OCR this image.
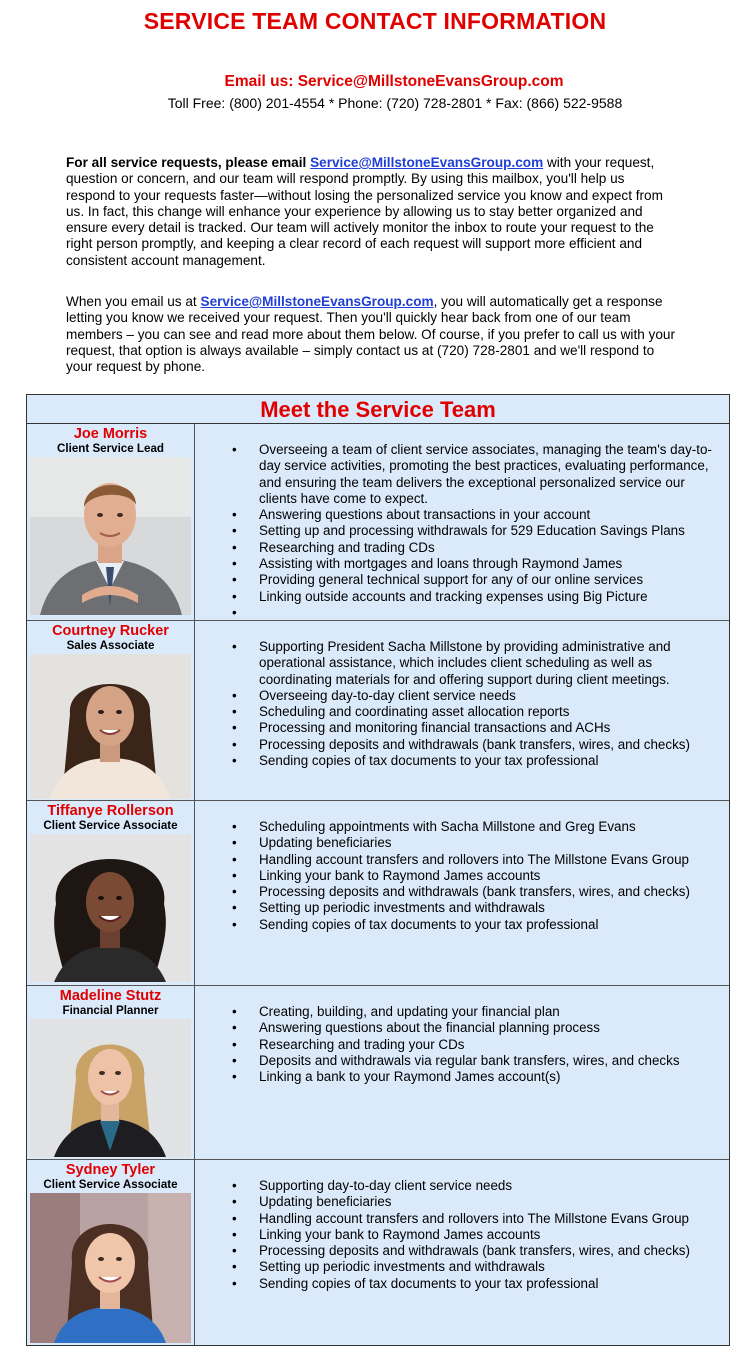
SERVICE TEAM CONTACT INFORMATION
Email us: Service@MillstoneEvansGroup.com
Toll Free: (800) 201-4554 * Phone: (720) 728-2801 * Fax: (866) 522-9588
For all service requests, please email Service@MillstoneEvansGroup.com with your request, question or concern, and our team will respond promptly. By using this mailbox, you'll help us respond to your requests faster—without losing the personalized service you know and expect from us. In fact, this change will enhance your experience by allowing us to stay better organized and ensure every detail is tracked. Our team will actively monitor the inbox to route your request to the right person promptly, and keeping a clear record of each request will support more efficient and consistent account management.
When you email us at Service@MillstoneEvansGroup.com, you will automatically get a response letting you know we received your request. Then you'll quickly hear back from one of our team members – you can see and read more about them below. Of course, if you prefer to call us with your request, that option is always available – simply contact us at (720) 728-2801 and we'll respond to your request by phone.
Meet the Service Team
Joe Morris
Client Service Lead	• Overseeing a team of client service associates, managing the team's day-to-day service activities, promoting the best practices, evaluating performance, and ensuring the team delivers the exceptional personalized service our clients have come to expect.
• Answering questions about transactions in your account
• Setting up and processing withdrawals for 529 Education Savings Plans
• Researching and trading CDs
• Assisting with mortgages and loans through Raymond James
• Providing general technical support for any of our online services
• Linking outside accounts and tracking expenses using Big Picture
•
Courtney Rucker
Sales Associate	• Supporting President Sacha Millstone by providing administrative and operational assistance, which includes client scheduling as well as coordinating materials for and offering support during client meetings.
• Overseeing day-to-day client service needs
• Scheduling and coordinating asset allocation reports
• Processing and monitoring financial transactions and ACHs
• Processing deposits and withdrawals (bank transfers, wires, and checks)
• Sending copies of tax documents to your tax professional
Tiffanye Rollerson
Client Service Associate	• Scheduling appointments with Sacha Millstone and Greg Evans
• Updating beneficiaries
• Handling account transfers and rollovers into The Millstone Evans Group
• Linking your bank to Raymond James accounts
• Processing deposits and withdrawals (bank transfers, wires, and checks)
• Setting up periodic investments and withdrawals
• Sending copies of tax documents to your tax professional
Madeline Stutz
Financial Planner	• Creating, building, and updating your financial plan
• Answering questions about the financial planning process
• Researching and trading your CDs
• Deposits and withdrawals via regular bank transfers, wires, and checks
• Linking a bank to your Raymond James account(s)
Sydney Tyler
Client Service Associate	• Supporting day-to-day client service needs
• Updating beneficiaries
• Handling account transfers and rollovers into The Millstone Evans Group
• Linking your bank to Raymond James accounts
• Processing deposits and withdrawals (bank transfers, wires, and checks)
• Setting up periodic investments and withdrawals
• Sending copies of tax documents to your tax professional
